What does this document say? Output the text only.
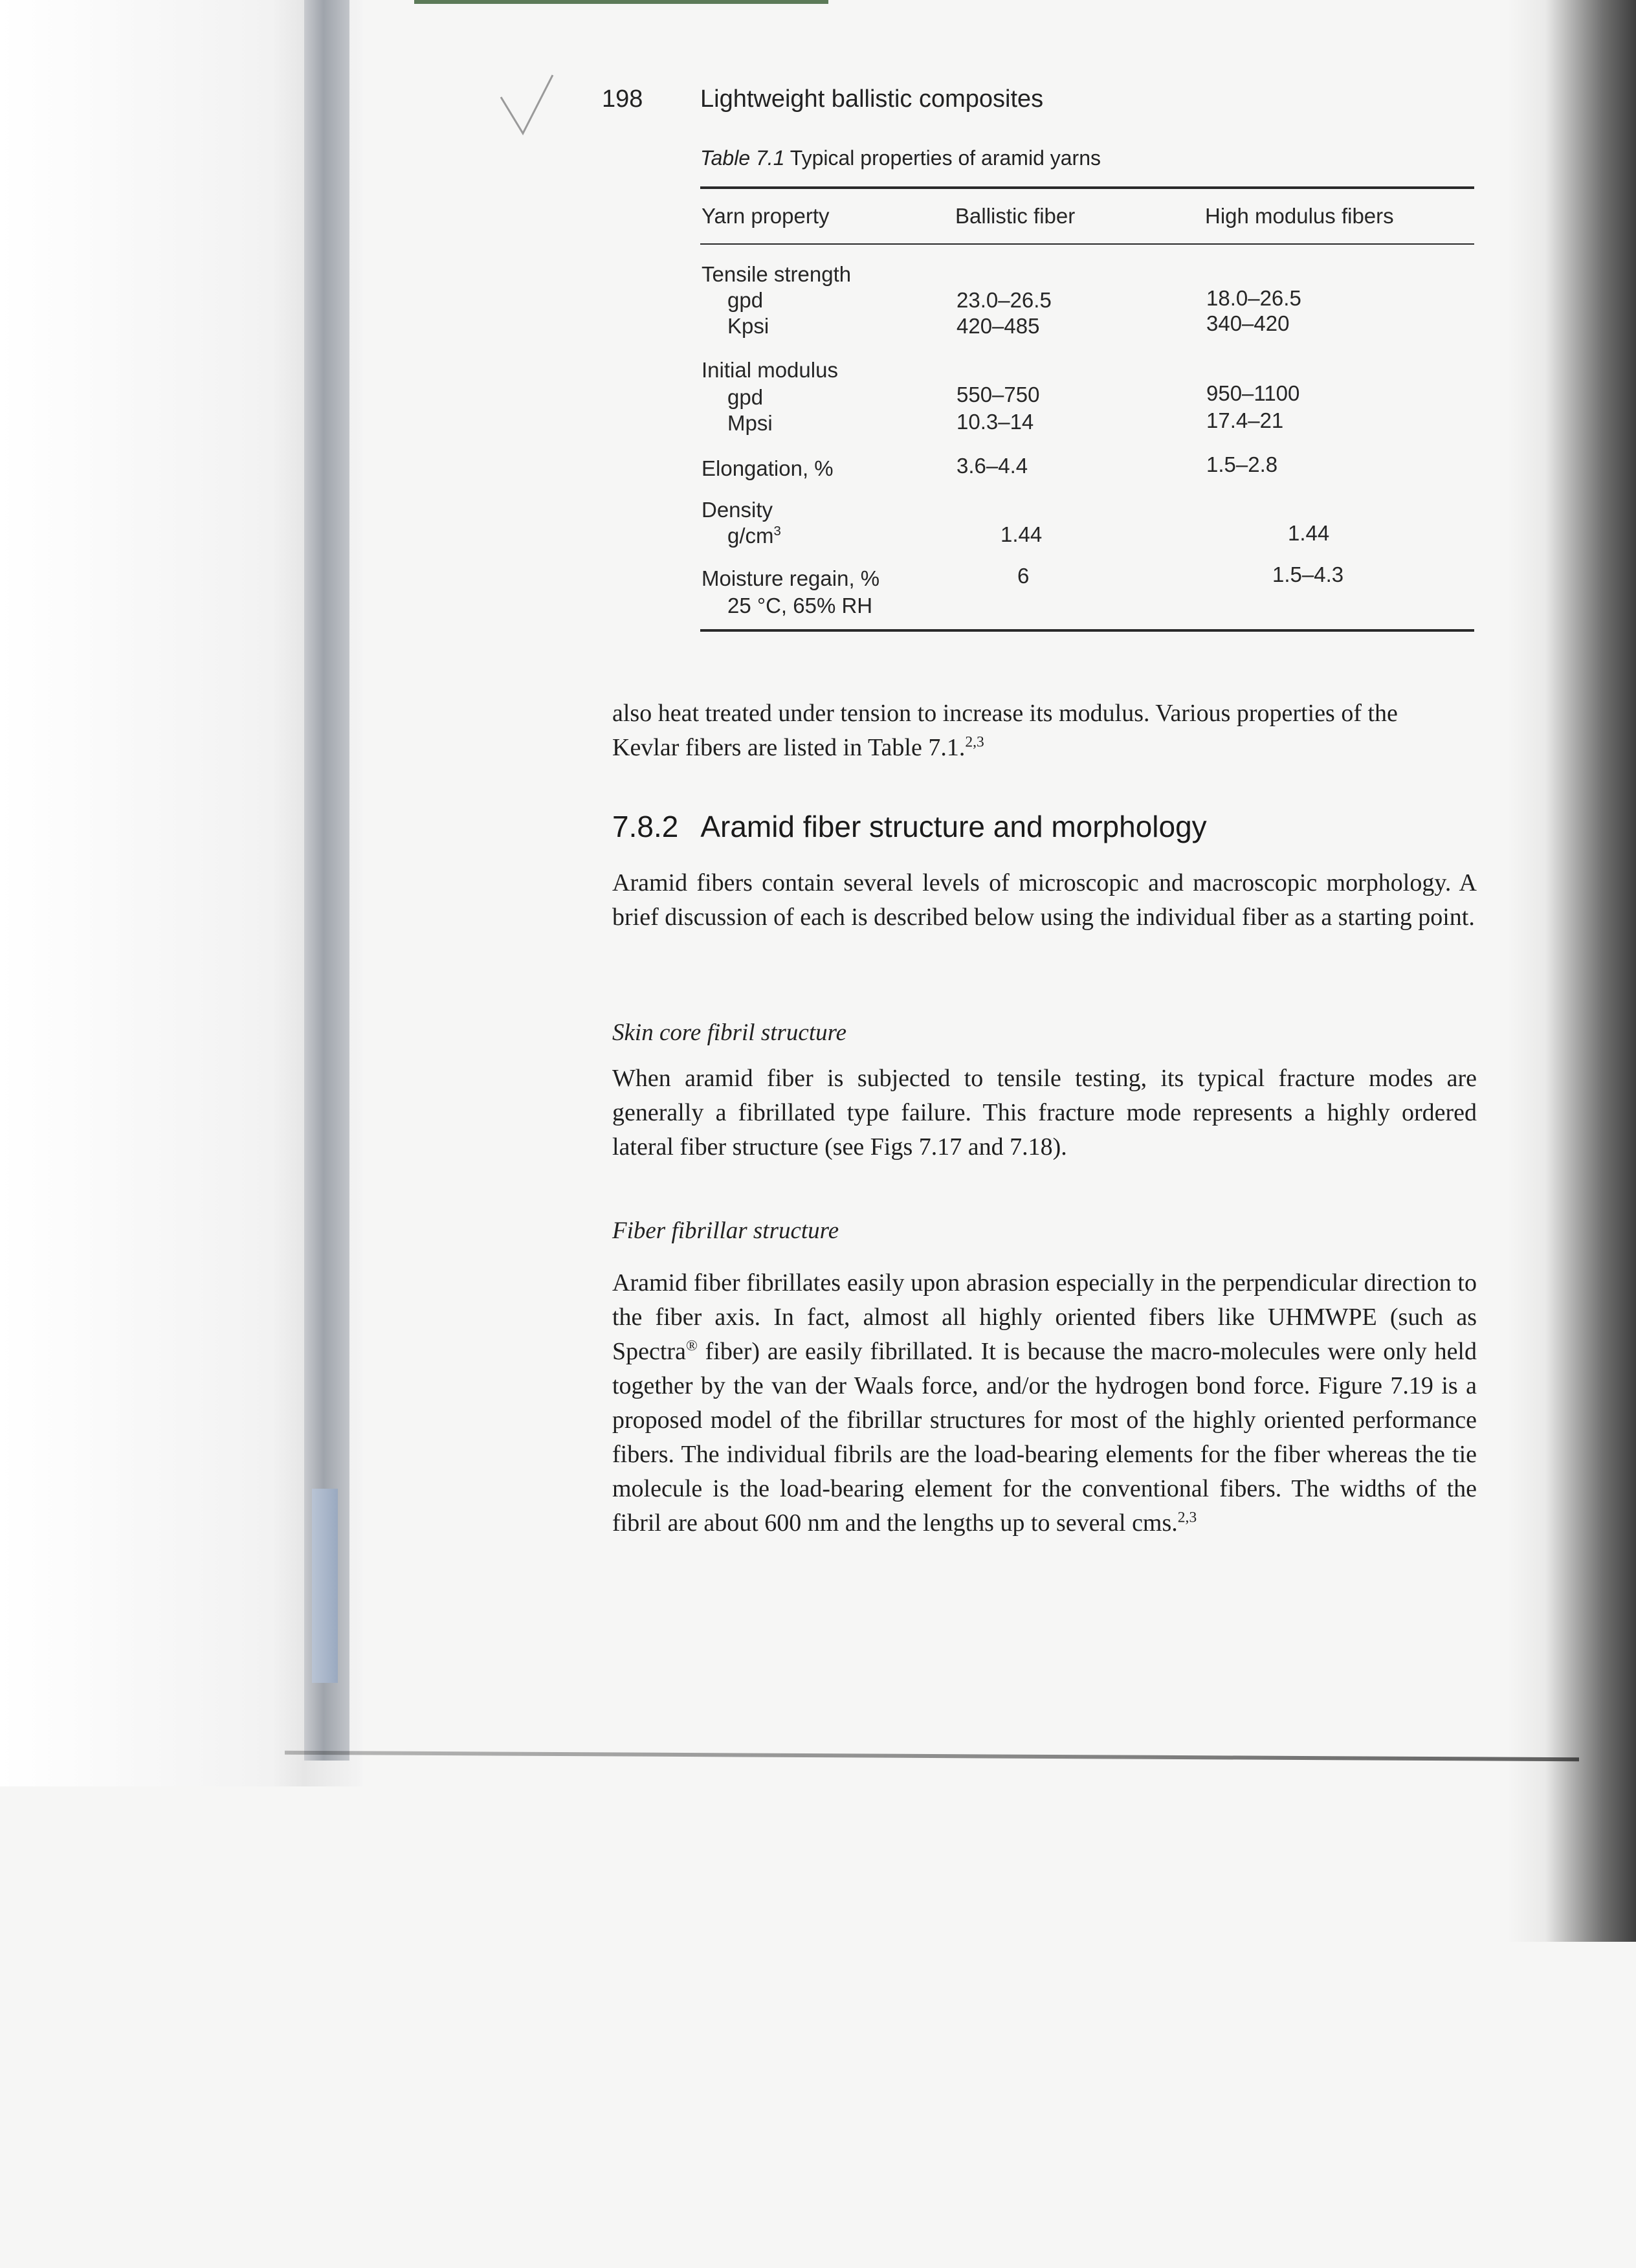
198 Lightweight ballistic composites
Table 7.1 Typical properties of aramid yarns
Yarn property	Ballistic fiber	High modulus fibers
Tensile strength
gpd	23.0–26.5	18.0–26.5
Kpsi	420–485	340–420
Initial modulus
gpd	550–750	950–1100
Mpsi	10.3–14	17.4–21
Elongation, %	3.6–4.4	1.5–2.8
Density
$g/cm^3$	1.44	1.44
Moisture regain, %	6	1.5–4.3
25 °C, 65% RH
also heat treated under tension to increase its modulus. Various properties of the
Kevlar fibers are listed in Table 7.1.$^{2,3}$
7.8.2 Aramid fiber structure and morphology
Aramid fibers contain several levels of microscopic and macroscopic morphology. A brief discussion of each is described below using the individual fiber as a starting point.
Skin core fibril structure
When aramid fiber is subjected to tensile testing, its typical fracture modes are generally a fibrillated type failure. This fracture mode represents a highly ordered lateral fiber structure (see Figs 7.17 and 7.18).
Fiber fibrillar structure
Aramid fiber fibrillates easily upon abrasion especially in the perpendicular direction to the fiber axis. In fact, almost all highly oriented fibers like UHMWPE (such as Spectra® fiber) are easily fibrillated. It is because the macro-molecules were only held together by the van der Waals force, and/or the hydrogen bond force. Figure 7.19 is a proposed model of the fibrillar structures for most of the highly oriented performance fibers. The individual fibrils are the load-bearing elements for the fiber whereas the tie molecule is the load-bearing element for the conventional fibers. The widths of the fibril are about 600 nm and the lengths up to several cms.$^{2,3}$
